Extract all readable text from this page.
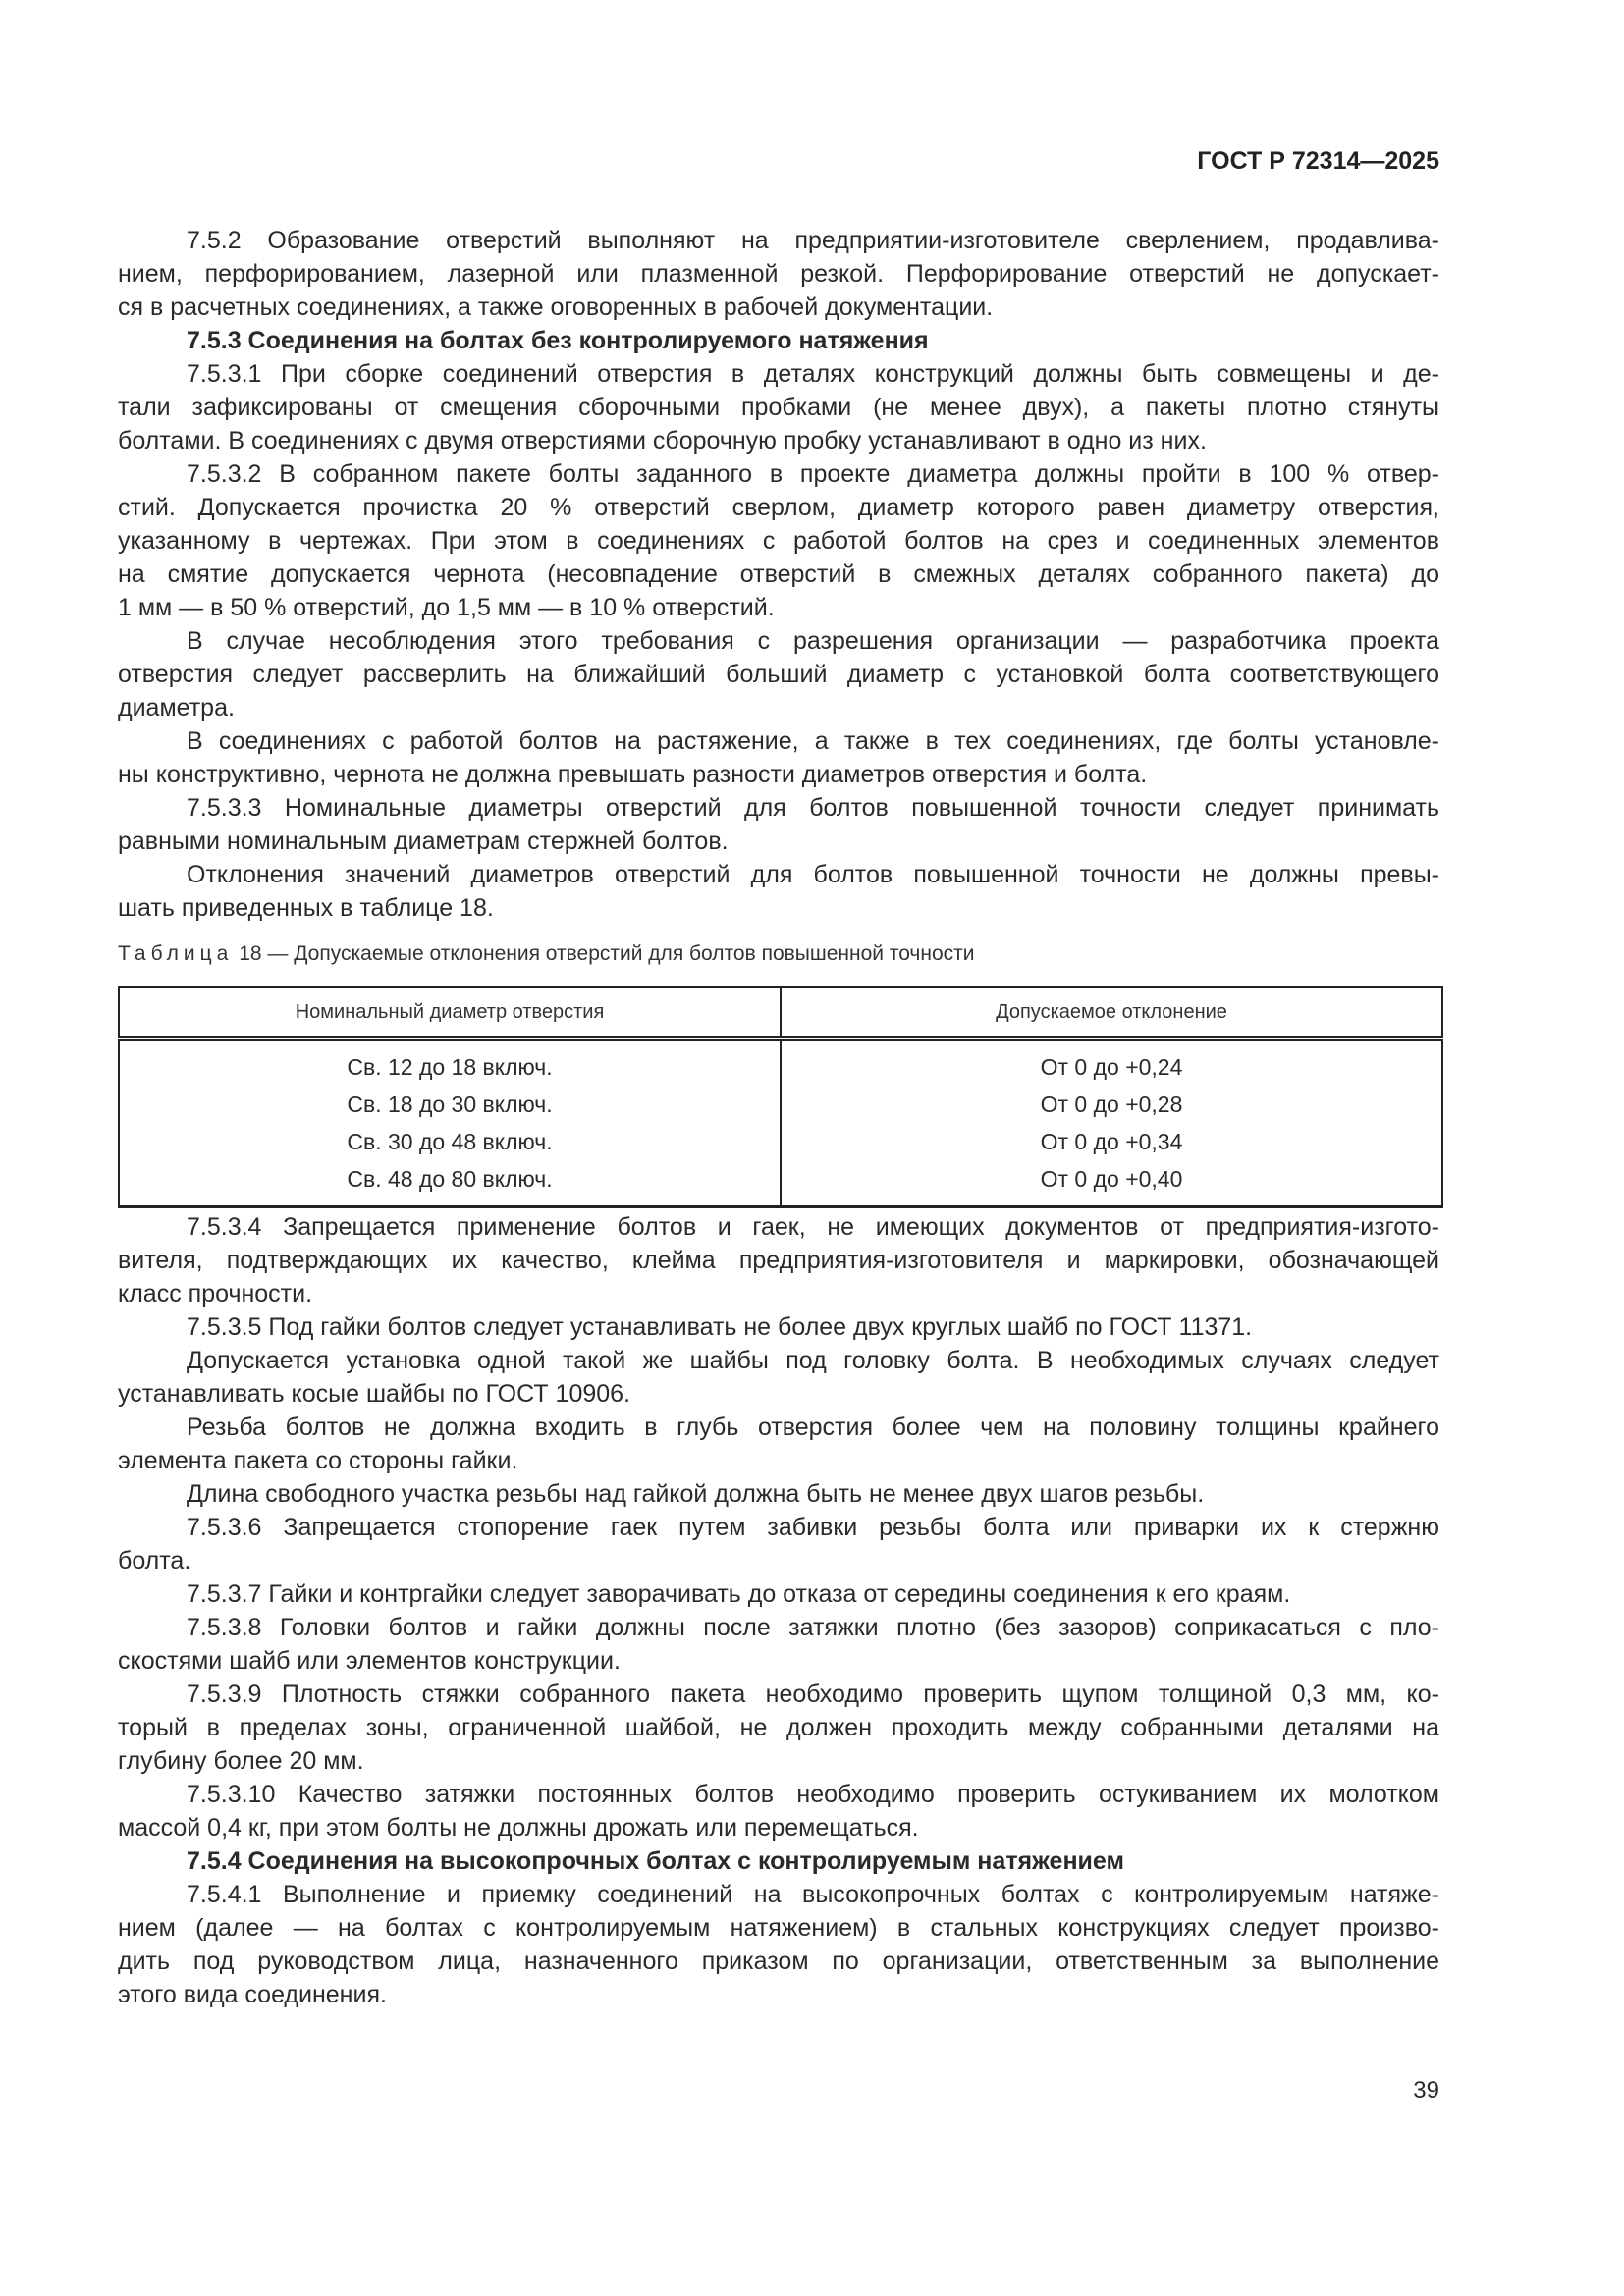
ГОСТ Р 72314—2025
7.5.2 Образование отверстий выполняют на предприятии-изготовителе сверлением, продавлива-
нием, перфорированием, лазерной или плазменной резкой. Перфорирование отверстий не допускает-
ся в расчетных соединениях, а также оговоренных в рабочей документации.
7.5.3 Соединения на болтах без контролируемого натяжения
7.5.3.1 При сборке соединений отверстия в деталях конструкций должны быть совмещены и де-
тали зафиксированы от смещения сборочными пробками (не менее двух), а пакеты плотно стянуты
болтами. В соединениях с двумя отверстиями сборочную пробку устанавливают в одно из них.
7.5.3.2 В собранном пакете болты заданного в проекте диаметра должны пройти в 100 % отвер-
стий. Допускается прочистка 20 % отверстий сверлом, диаметр которого равен диаметру отверстия,
указанному в чертежах. При этом в соединениях с работой болтов на срез и соединенных элементов
на смятие допускается чернота (несовпадение отверстий в смежных деталях собранного пакета) до
1 мм — в 50 % отверстий, до 1,5 мм — в 10 % отверстий.
В случае несоблюдения этого требования с разрешения организации — разработчика проекта
отверстия следует рассверлить на ближайший больший диаметр с установкой болта соответствующего
диаметра.
В соединениях с работой болтов на растяжение, а также в тех соединениях, где болты установле-
ны конструктивно, чернота не должна превышать разности диаметров отверстия и болта.
7.5.3.3 Номинальные диаметры отверстий для болтов повышенной точности следует принимать
равными номинальным диаметрам стержней болтов.
Отклонения значений диаметров отверстий для болтов повышенной точности не должны превы-
шать приведенных в таблице 18.
Таблица 18 — Допускаемые отклонения отверстий для болтов повышенной точности
Номинальный диаметр отверстия	Допускаемое отклонение
Св. 12 до 18 включ.	От 0 до +0,24
Св. 18 до 30 включ.	От 0 до +0,28
Св. 30 до 48 включ.	От 0 до +0,34
Св. 48 до 80 включ.	От 0 до +0,40
7.5.3.4 Запрещается применение болтов и гаек, не имеющих документов от предприятия-изгото-
вителя, подтверждающих их качество, клейма предприятия-изготовителя и маркировки, обозначающей
класс прочности.
7.5.3.5 Под гайки болтов следует устанавливать не более двух круглых шайб по ГОСТ 11371.
Допускается установка одной такой же шайбы под головку болта. В необходимых случаях следует
устанавливать косые шайбы по ГОСТ 10906.
Резьба болтов не должна входить в глубь отверстия более чем на половину толщины крайнего
элемента пакета со стороны гайки.
Длина свободного участка резьбы над гайкой должна быть не менее двух шагов резьбы.
7.5.3.6 Запрещается стопорение гаек путем забивки резьбы болта или приварки их к стержню
болта.
7.5.3.7 Гайки и контргайки следует заворачивать до отказа от середины соединения к его краям.
7.5.3.8 Головки болтов и гайки должны после затяжки плотно (без зазоров) соприкасаться с пло-
скостями шайб или элементов конструкции.
7.5.3.9 Плотность стяжки собранного пакета необходимо проверить щупом толщиной 0,3 мм, ко-
торый в пределах зоны, ограниченной шайбой, не должен проходить между собранными деталями на
глубину более 20 мм.
7.5.3.10 Качество затяжки постоянных болтов необходимо проверить остукиванием их молотком
массой 0,4 кг, при этом болты не должны дрожать или перемещаться.
7.5.4 Соединения на высокопрочных болтах с контролируемым натяжением
7.5.4.1 Выполнение и приемку соединений на высокопрочных болтах с контролируемым натяже-
нием (далее — на болтах с контролируемым натяжением) в стальных конструкциях следует произво-
дить под руководством лица, назначенного приказом по организации, ответственным за выполнение
этого вида соединения.
39
